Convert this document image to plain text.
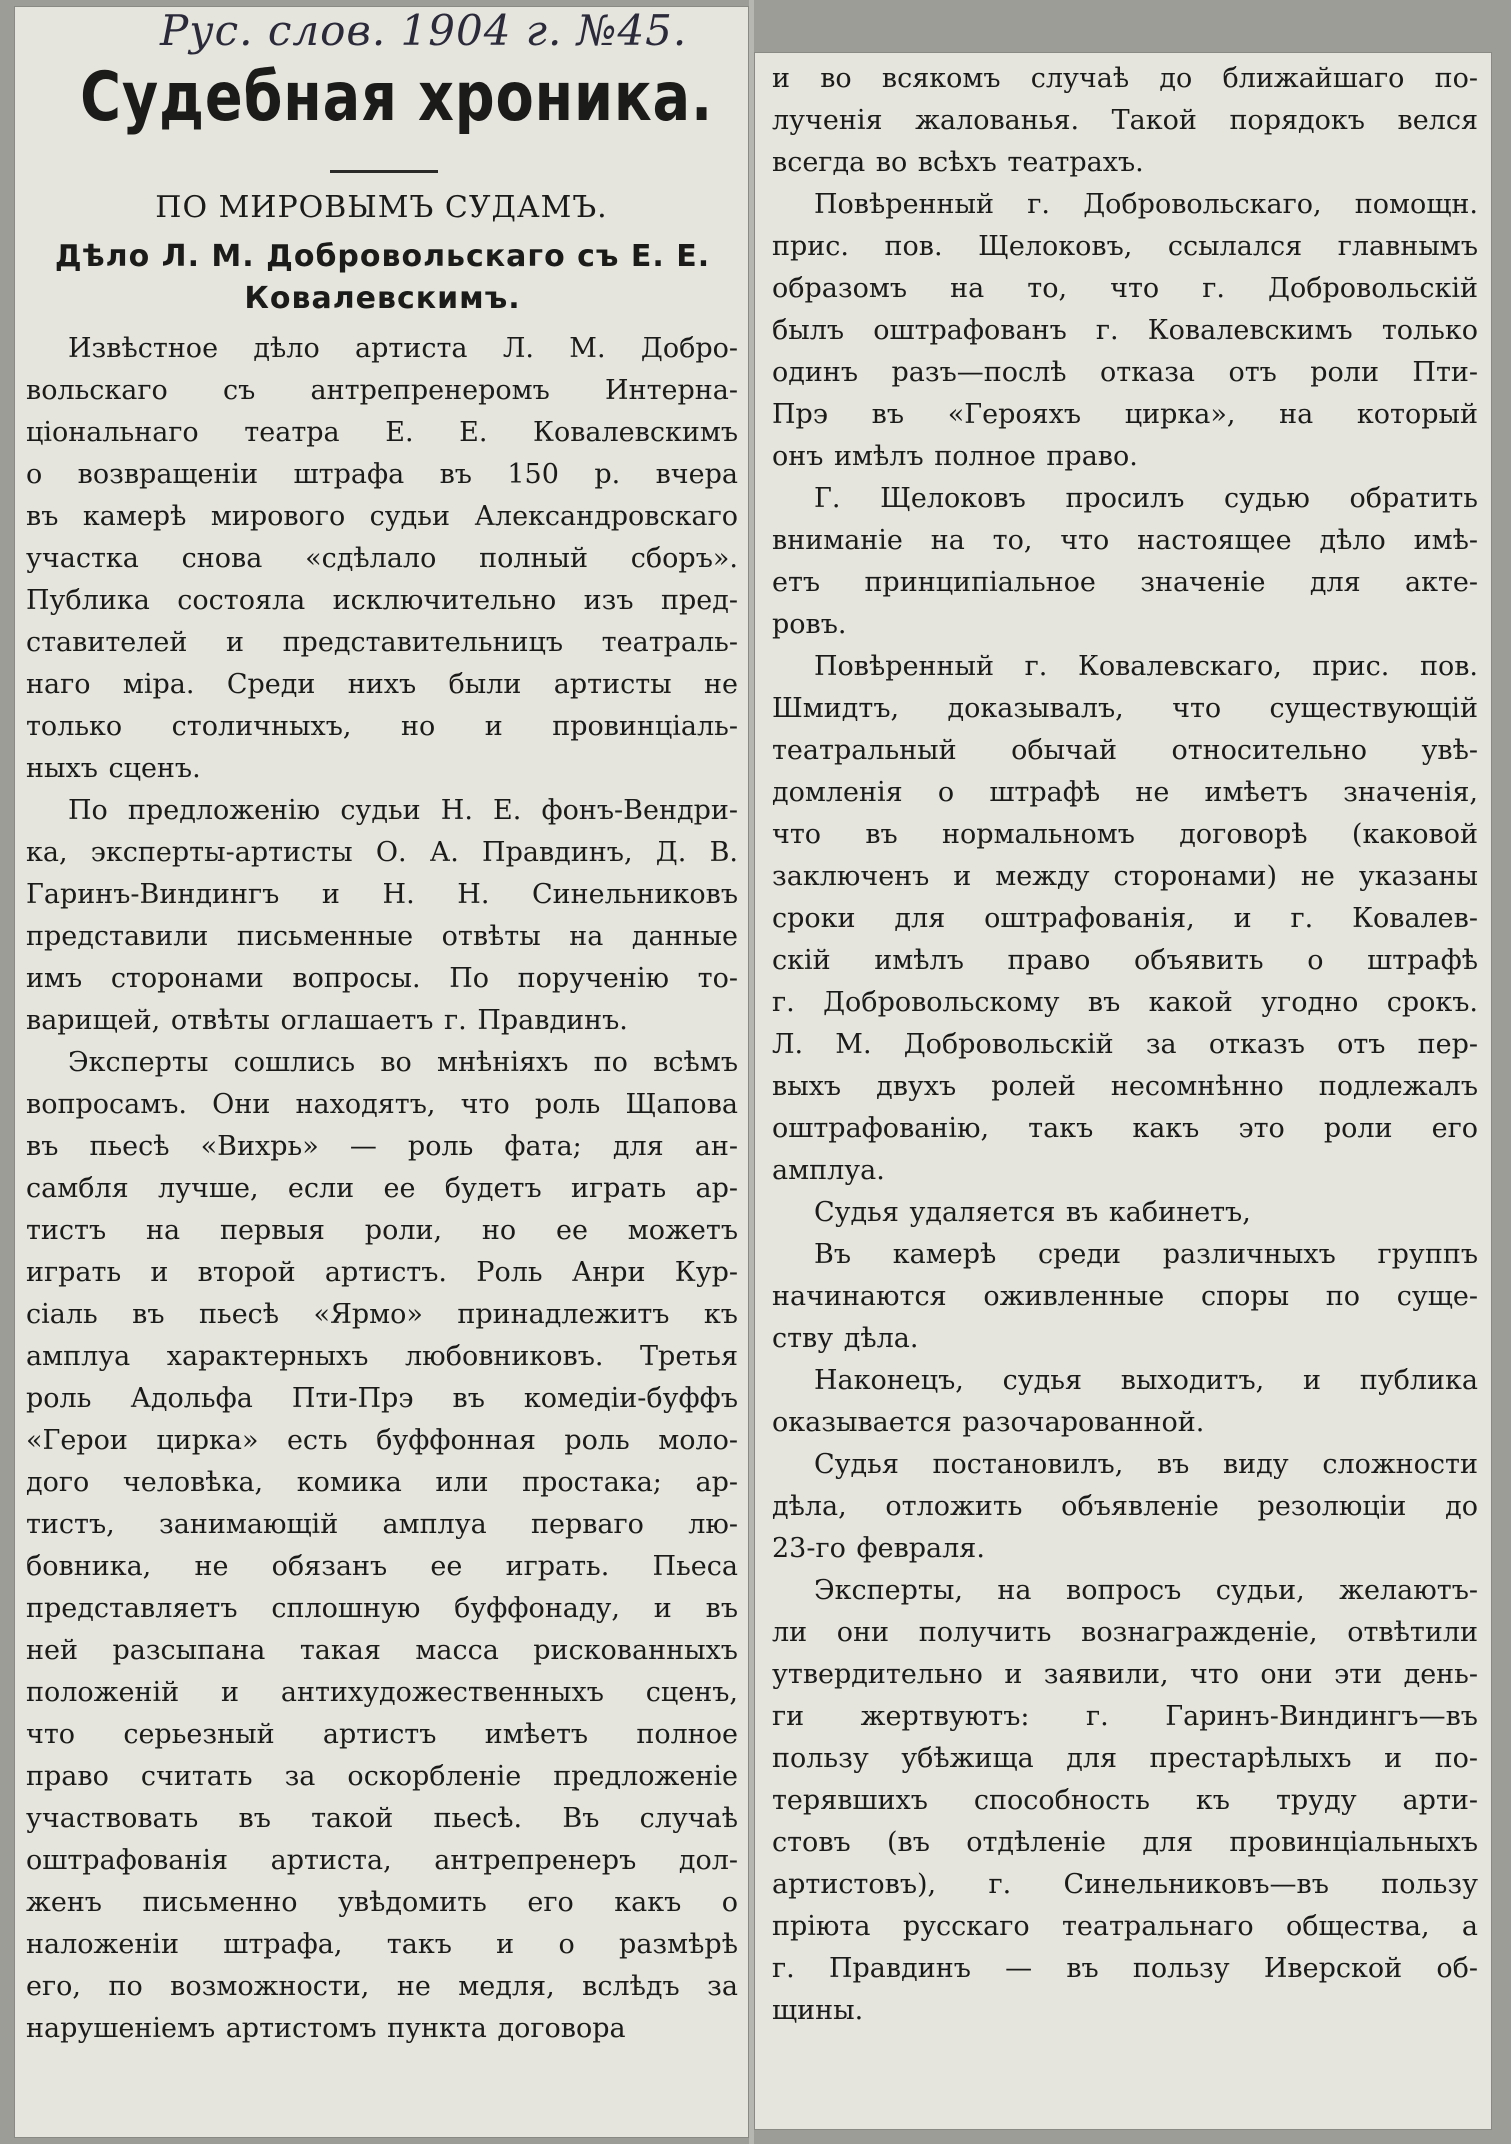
Рус. слов. 1904 г. №45.
Судебная хроника.
ПО МИРОВЫМЪ СУДАМЪ.
Дѣло Л. М. Добровольскаго съ Е. Е. Ковалевскимъ.
Извѣстное дѣло артиста Л. М. Добро-
вольскаго съ антрепренеромъ Интерна-
ціональнаго театра Е. Е. Ковалевскимъ
о возвращеніи штрафа въ 150 р. вчера
въ камерѣ мирового судьи Александровскаго
участка снова «сдѣлало полный сборъ».
Публика состояла исключительно изъ пред-
ставителей и представительницъ театраль-
наго міра. Среди нихъ были артисты не
только столичныхъ, но и провинціаль-
ныхъ сценъ.
По предложенію судьи Н. Е. фонъ-Вендри-
ка, эксперты-артисты О. А. Правдинъ, Д. В.
Гаринъ-Виндингъ и Н. Н. Синельниковъ
представили письменные отвѣты на данные
имъ сторонами вопросы. По порученію то-
варищей, отвѣты оглашаетъ г. Правдинъ.
Эксперты сошлись во мнѣніяхъ по всѣмъ
вопросамъ. Они находятъ, что роль Щапова
въ пьесѣ «Вихрь» — роль фата; для ан-
самбля лучше, если ее будетъ играть ар-
тистъ на первыя роли, но ее можетъ
играть и второй артистъ. Роль Анри Кур-
сіаль въ пьесѣ «Ярмо» принадлежитъ къ
амплуа характерныхъ любовниковъ. Третья
роль Адольфа Пти-Прэ въ комедіи-буффъ
«Герои цирка» есть буффонная роль моло-
дого человѣка, комика или простака; ар-
тистъ, занимающій амплуа перваго лю-
бовника, не обязанъ ее играть. Пьеса
представляетъ сплошную буффонаду, и въ
ней разсыпана такая масса рискованныхъ
положеній и антихудожественныхъ сценъ,
что серьезный артистъ имѣетъ полное
право считать за оскорбленіе предложеніе
участвовать въ такой пьесѣ. Въ случаѣ
оштрафованія артиста, антрепренеръ дол-
женъ письменно увѣдомить его какъ о
наложеніи штрафа, такъ и о размѣрѣ
его, по возможности, не медля, вслѣдъ за
нарушеніемъ артистомъ пункта договора
и во всякомъ случаѣ до ближайшаго по-
лученія жалованья. Такой порядокъ велся
всегда во всѣхъ театрахъ.
Повѣренный г. Добровольскаго, помощн.
прис. пов. Щелоковъ, ссылался главнымъ
образомъ на то, что г. Добровольскій
былъ оштрафованъ г. Ковалевскимъ только
одинъ разъ—послѣ отказа отъ роли Пти-
Прэ въ «Герояхъ цирка», на который
онъ имѣлъ полное право.
Г. Щелоковъ просилъ судью обратить
вниманіе на то, что настоящее дѣло имѣ-
етъ принципіальное значеніе для акте-
ровъ.
Повѣренный г. Ковалевскаго, прис. пов.
Шмидтъ, доказывалъ, что существующій
театральный обычай относительно увѣ-
домленія о штрафѣ не имѣетъ значенія,
что въ нормальномъ договорѣ (каковой
заключенъ и между сторонами) не указаны
сроки для оштрафованія, и г. Ковалев-
скій имѣлъ право объявить о штрафѣ
г. Добровольскому въ какой угодно срокъ.
Л. М. Добровольскій за отказъ отъ пер-
выхъ двухъ ролей несомнѣнно подлежалъ
оштрафованію, такъ какъ это роли его
амплуа.
Судья удаляется въ кабинетъ,
Въ камерѣ среди различныхъ группъ
начинаются оживленные споры по суще-
ству дѣла.
Наконецъ, судья выходитъ, и публика
оказывается разочарованной.
Судья постановилъ, въ виду сложности
дѣла, отложить объявленіе резолюціи до
23-го февраля.
Эксперты, на вопросъ судьи, желаютъ-
ли они получить вознагражденіе, отвѣтили
утвердительно и заявили, что они эти день-
ги жертвуютъ: г. Гаринъ-Виндингъ—въ
пользу убѣжища для престарѣлыхъ и по-
терявшихъ способность къ труду арти-
стовъ (въ отдѣленіе для провинціальныхъ
артистовъ), г. Синельниковъ—въ пользу
пріюта русскаго театральнаго общества, а
г. Правдинъ — въ пользу Иверской об-
щины.
